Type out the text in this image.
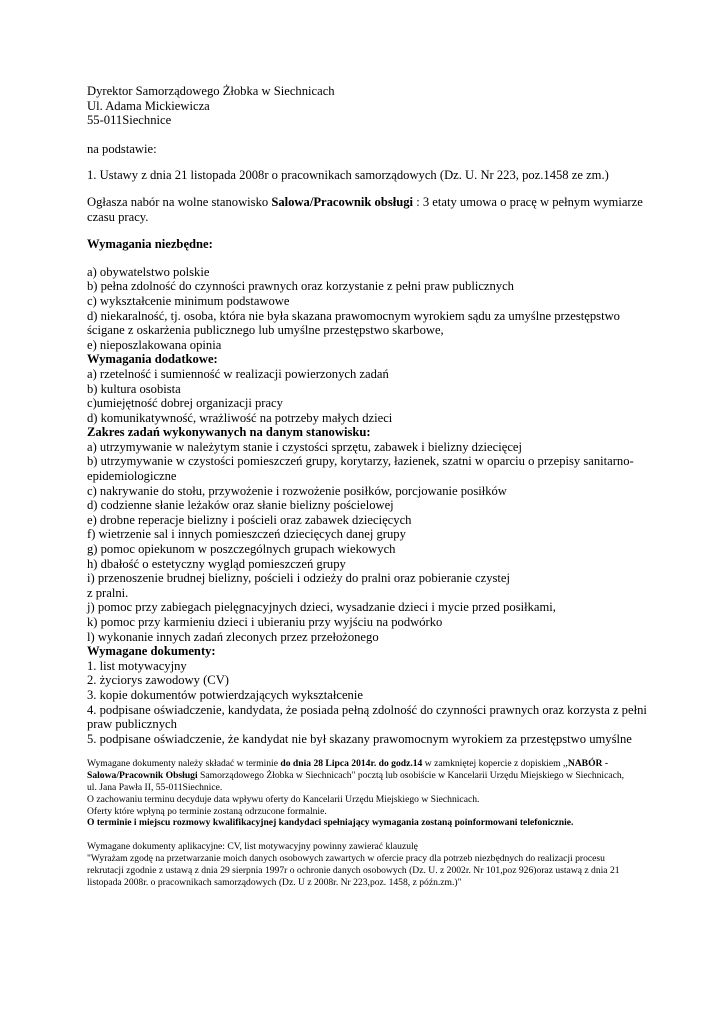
Dyrektor Samorządowego Żłobka w Siechnicach
Ul. Adama Mickiewicza
55-011Siechnice
na podstawie:
1. Ustawy z dnia 21 listopada 2008r o pracownikach samorządowych (Dz. U. Nr 223, poz.1458 ze zm.)
Ogłasza nabór na wolne stanowisko Salowa/Pracownik obsługi : 3 etaty umowa o pracę w pełnym wymiarze
czasu pracy.
Wymagania niezbędne:
a) obywatelstwo polskie
b) pełna zdolność do czynności prawnych oraz korzystanie z pełni praw publicznych
c) wykształcenie minimum podstawowe
d) niekaralność, tj. osoba, która nie była skazana prawomocnym wyrokiem sądu za umyślne przestępstwo
ścigane z oskarżenia publicznego lub umyślne przestępstwo skarbowe,
e) nieposzlakowana opinia
Wymagania dodatkowe:
a) rzetelność i sumienność w realizacji powierzonych zadań
b) kultura osobista
c)umiejętność dobrej organizacji pracy
d) komunikatywność, wrażliwość na potrzeby małych dzieci
Zakres zadań wykonywanych na danym stanowisku:
a) utrzymywanie w należytym stanie i czystości sprzętu, zabawek i bielizny dziecięcej
b) utrzymywanie w czystości pomieszczeń grupy, korytarzy, łazienek, szatni w oparciu o przepisy sanitarno-
epidemiologiczne
c) nakrywanie do stołu, przywożenie i rozwożenie posiłków, porcjowanie posiłków
d) codzienne słanie leżaków oraz słanie bielizny pościelowej
e) drobne reperacje bielizny i pościeli oraz zabawek dziecięcych
f) wietrzenie sal i innych pomieszczeń dziecięcych danej grupy
g) pomoc opiekunom w poszczególnych grupach wiekowych
h) dbałość o estetyczny wygląd pomieszczeń grupy
i) przenoszenie brudnej bielizny, pościeli i odzieży do pralni oraz pobieranie czystej
z pralni.
j) pomoc przy zabiegach pielęgnacyjnych dzieci, wysadzanie dzieci i mycie przed posiłkami,
k) pomoc przy karmieniu dzieci i ubieraniu przy wyjściu na podwórko
l) wykonanie innych zadań zleconych przez przełożonego
Wymagane dokumenty:
1. list motywacyjny
2. życiorys zawodowy (CV)
3. kopie dokumentów potwierdzających wykształcenie
4. podpisane oświadczenie, kandydata, że posiada pełną zdolność do czynności prawnych oraz korzysta z pełni
praw publicznych
5. podpisane oświadczenie, że kandydat nie był skazany prawomocnym wyrokiem za przestępstwo umyślne
Wymagane dokumenty należy składać w terminie do dnia 28 Lipca 2014r. do godz.14 w zamkniętej kopercie z dopiskiem ,,NABÓR -
Salowa/Pracownik Obsługi Samorządowego Żłobka w Siechnicach" pocztą lub osobiście w Kancelarii Urzędu Miejskiego w Siechnicach,
ul. Jana Pawła II, 55-011Siechnice.
O zachowaniu terminu decyduje data wpływu oferty do Kancelarii Urzędu Miejskiego w Siechnicach.
Oferty które wpłyną po terminie zostaną odrzucone formalnie.
O terminie i miejscu rozmowy kwalifikacyjnej kandydaci spełniający wymagania zostaną poinformowani telefonicznie.
Wymagane dokumenty aplikacyjne: CV, list motywacyjny powinny zawierać klauzulę
"Wyrażam zgodę na przetwarzanie moich danych osobowych zawartych w ofercie pracy dla potrzeb niezbędnych do realizacji procesu
rekrutacji zgodnie z ustawą z dnia 29 sierpnia 1997r o ochronie danych osobowych (Dz. U. z 2002r. Nr 101,poz 926)oraz ustawą z dnia 21
listopada 2008r. o pracownikach samorządowych (Dz. U z 2008r. Nr 223,poz. 1458, z późn.zm.)"
